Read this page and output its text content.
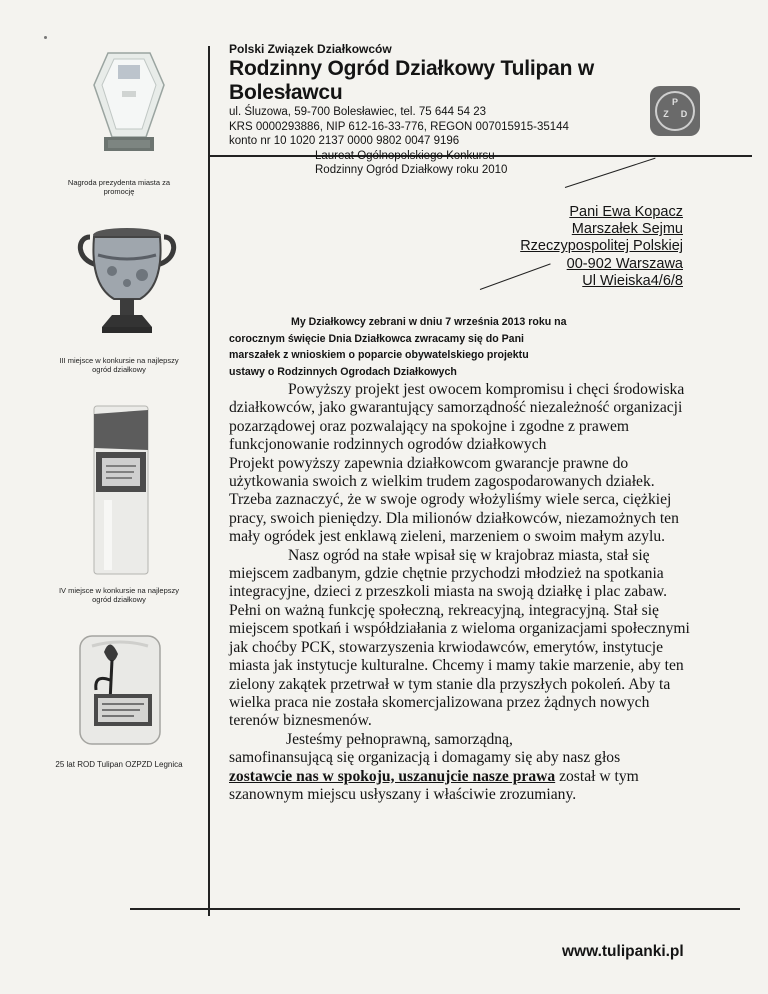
Polski Związek Działkowców
Rodzinny Ogród Działkowy Tulipan w Bolesławcu
ul. Śluzowa, 59-700 Bolesławiec, tel. 75 644 54 23
KRS 0000293886, NIP 612-16-33-776, REGON 007015915-35144
konto nr 10 1020 2137 0000 9802 0047 9196
Laureat Ogólnopolskiego Konkursu
Rodzinny Ogród Działkowy roku 2010
P
Z D
Pani Ewa Kopacz
Marszałek Sejmu
Rzeczypospolitej Polskiej
00-902 Warszawa
Ul Wieiska4/6/8
My Działkowcy zebrani w dniu 7 września 2013 roku na
corocznym święcie Dnia Działkowca zwracamy się do Pani
marszałek z wnioskiem o poparcie obywatelskiego projektu
ustawy o Rodzinnych Ogrodach Działkowych

Powyższy projekt jest owocem kompromisu i chęci środowiska działkowców, jako gwarantujący samorządność niezależność organizacji pozarządowej oraz pozwalający na spokojne i zgodne z prawem funkcjonowanie rodzinnych ogrodów działkowych

Projekt powyższy zapewnia działkowcom gwarancje prawne do użytkowania swoich z wielkim trudem zagospodarowanych działek. Trzeba zaznaczyć, że w swoje ogrody włożyliśmy wiele serca, ciężkiej pracy, swoich pieniędzy. Dla milionów działkowców, niezamożnych ten mały ogródek jest enklawą zieleni, marzeniem o swoim małym azylu.

Nasz ogród na stałe wpisał się w krajobraz miasta, stał się miejscem zadbanym, gdzie chętnie przychodzi młodzież na spotkania integracyjne, dzieci z przeszkoli miasta na swoją działkę i plac zabaw. Pełni on ważną funkcję społeczną, rekreacyjną, integracyjną. Stał się miejscem spotkań i współdziałania z wieloma organizacjami społecznymi jak choćby PCK, stowarzyszenia krwiodawców, emerytów, instytucje miasta jak instytucje kulturalne. Chcemy i mamy takie marzenie, aby ten zielony zakątek przetrwał w tym stanie dla przyszłych pokoleń. Aby ta wielka praca nie została skomercjalizowana przez żądnych nowych terenów biznesmenów.

Jesteśmy pełnoprawną, samorządną,

samofinansującą się organizacją i domagamy się aby nasz głos
zostawcie nas w spokoju, uszanujcie nasze prawa został w tym szanownym miejscu usłyszany i właściwie zrozumiany.

Nagroda prezydenta miasta za promocję
III miejsce w konkursie na najlepszy ogród działkowy
IV miejsce w konkursie na najlepszy ogród działkowy
25 lat ROD Tulipan OZPZD Legnica
www.tulipanki.pl
